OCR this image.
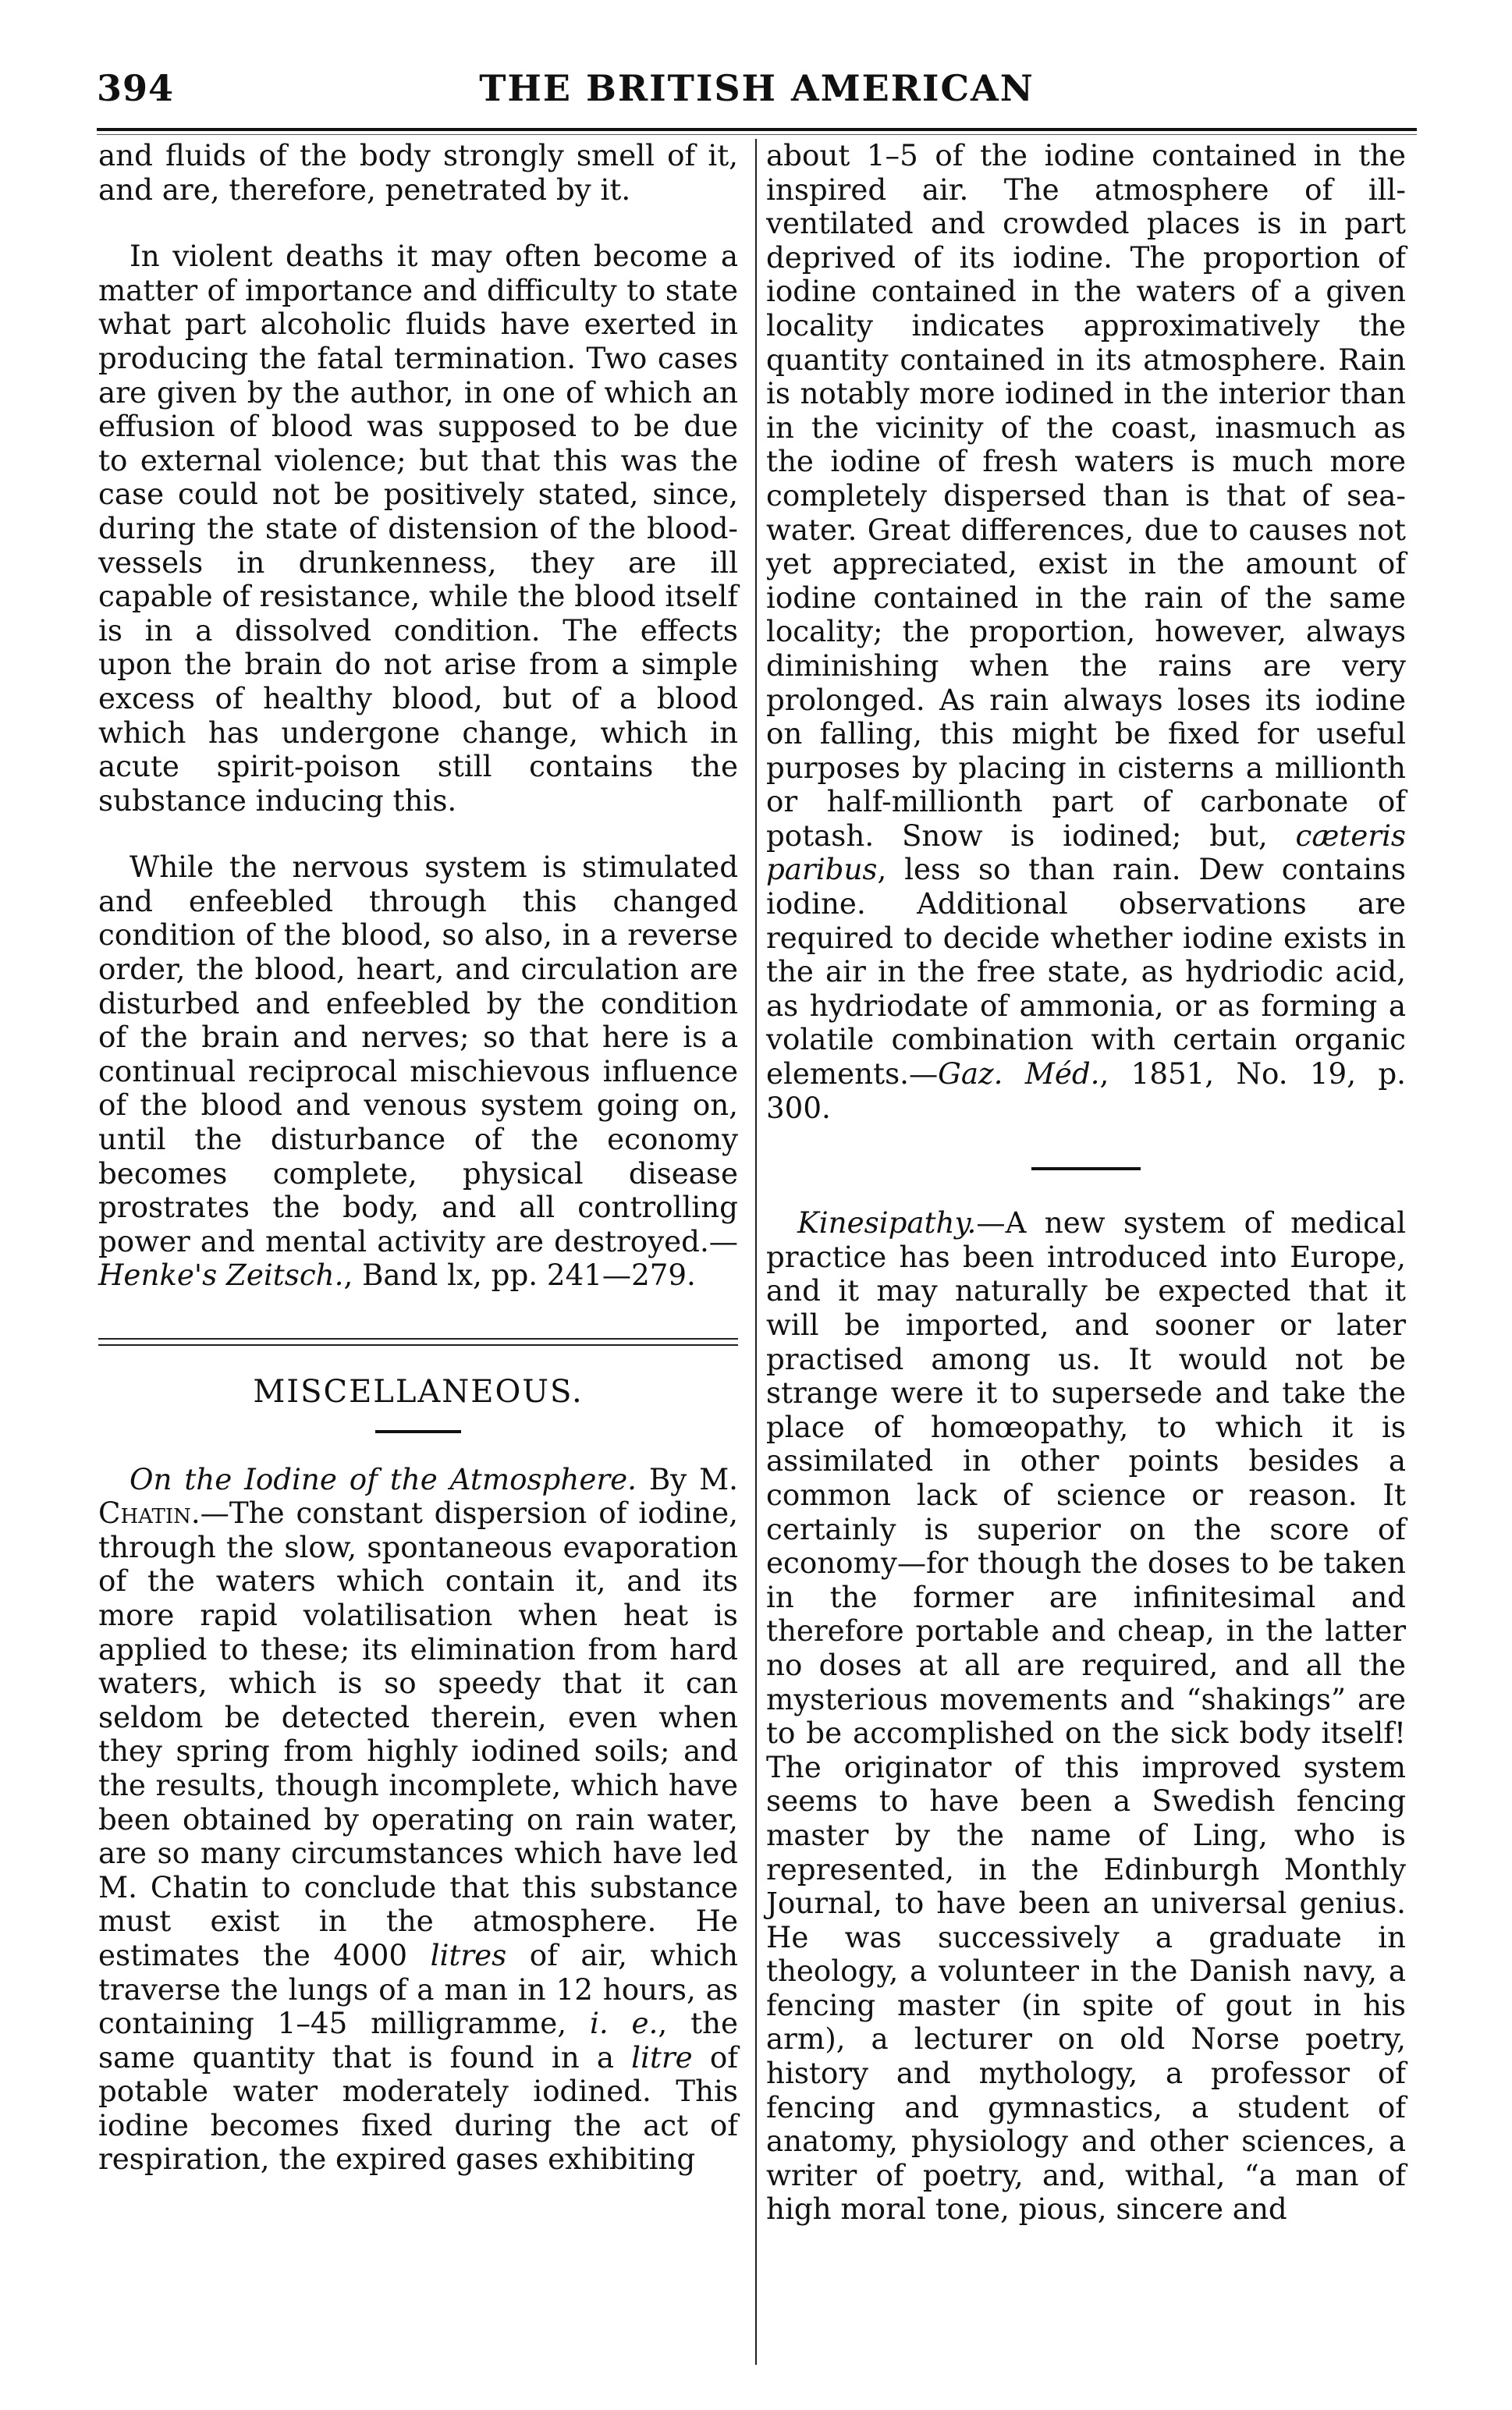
394	THE BRITISH AMERICAN

and fluids of the body strongly smell of it, and are, therefore, penetrated by it.

In violent deaths it may often become a matter of importance and difficulty to state what part alcoholic fluids have exerted in producing the fatal termination. Two cases are given by the author, in one of which an effusion of blood was supposed to be due to external violence; but that this was the case could not be positively stated, since, during the state of distension of the blood-vessels in drunkenness, they are ill capable of resistance, while the blood itself is in a dissolved condition. The effects upon the brain do not arise from a simple excess of healthy blood, but of a blood which has undergone change, which in acute spirit-poison still contains the substance inducing this.

While the nervous system is stimulated and enfeebled through this changed condition of the blood, so also, in a reverse order, the blood, heart, and circulation are disturbed and enfeebled by the condition of the brain and nerves; so that here is a continual reciprocal mischievous influence of the blood and venous system going on, until the disturbance of the economy becomes complete, physical disease prostrates the body, and all controlling power and mental activity are destroyed.—Henke's Zeitsch., Band lx, pp. 241—279.

MISCELLANEOUS.

On the Iodine of the Atmosphere. By M. Chatin.—The constant dispersion of iodine, through the slow, spontaneous evaporation of the waters which contain it, and its more rapid volatilisation when heat is applied to these; its elimination from hard waters, which is so speedy that it can seldom be detected therein, even when they spring from highly iodined soils; and the results, though incomplete, which have been obtained by operating on rain water, are so many circumstances which have led M. Chatin to conclude that this substance must exist in the atmosphere. He estimates the 4000 litres of air, which traverse the lungs of a man in 12 hours, as containing 1–45 milligramme, i. e., the same quantity that is found in a litre of potable water moderately iodined. This iodine becomes fixed during the act of respiration, the expired gases exhibiting

about 1–5 of the iodine contained in the inspired air. The atmosphere of ill-ventilated and crowded places is in part deprived of its iodine. The proportion of iodine contained in the waters of a given locality indicates approximatively the quantity contained in its atmosphere. Rain is notably more iodined in the interior than in the vicinity of the coast, inasmuch as the iodine of fresh waters is much more completely dispersed than is that of sea-water. Great differences, due to causes not yet appreciated, exist in the amount of iodine contained in the rain of the same locality; the proportion, however, always diminishing when the rains are very prolonged. As rain always loses its iodine on falling, this might be fixed for useful purposes by placing in cisterns a millionth or half-millionth part of carbonate of potash. Snow is iodined; but, cæteris paribus, less so than rain. Dew contains iodine. Additional observations are required to decide whether iodine exists in the air in the free state, as hydriodic acid, as hydriodate of ammonia, or as forming a volatile combination with certain organic elements.—Gaz. Méd., 1851, No. 19, p. 300.

Kinesipathy.—A new system of medical practice has been introduced into Europe, and it may naturally be expected that it will be imported, and sooner or later practised among us. It would not be strange were it to supersede and take the place of homœopathy, to which it is assimilated in other points besides a common lack of science or reason. It certainly is superior on the score of economy—for though the doses to be taken in the former are infinitesimal and therefore portable and cheap, in the latter no doses at all are required, and all the mysterious movements and “shakings” are to be accomplished on the sick body itself! The originator of this improved system seems to have been a Swedish fencing master by the name of Ling, who is represented, in the Edinburgh Monthly Journal, to have been an universal genius. He was successively a graduate in theology, a volunteer in the Danish navy, a fencing master (in spite of gout in his arm), a lecturer on old Norse poetry, history and mythology, a professor of fencing and gymnastics, a student of anatomy, physiology and other sciences, a writer of poetry, and, withal, “a man of high moral tone, pious, sincere and
